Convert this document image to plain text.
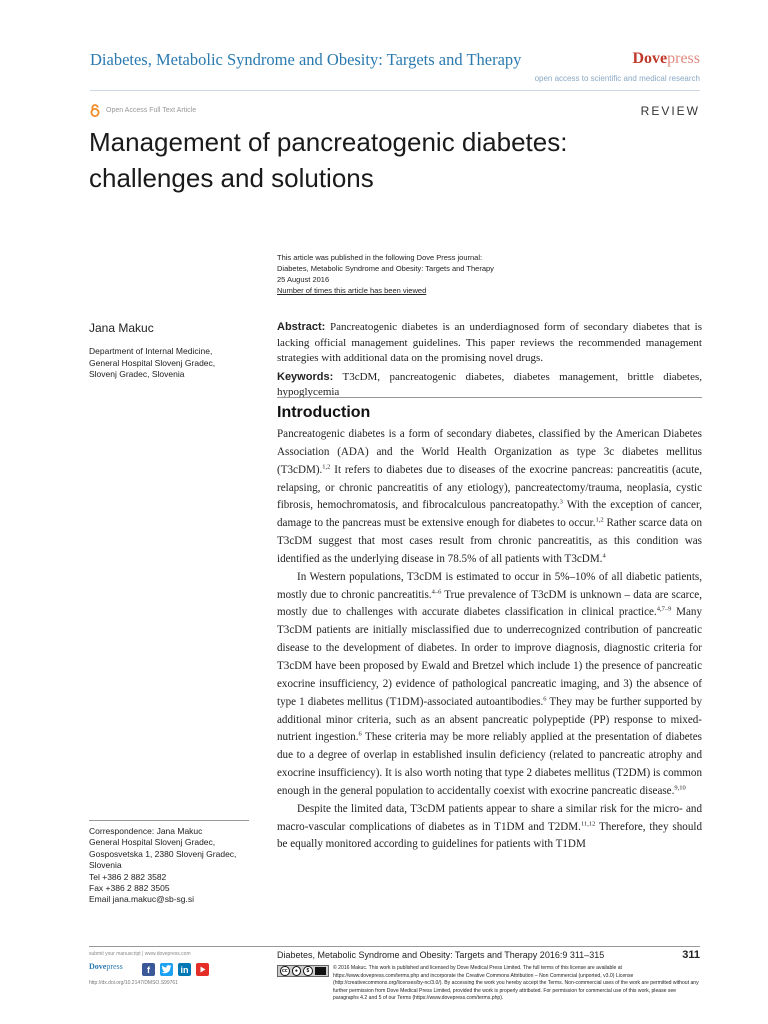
Diabetes, Metabolic Syndrome and Obesity: Targets and Therapy	Dovepress
open access to scientific and medical research
Open Access Full Text Article	REVIEW
Management of pancreatogenic diabetes:
challenges and solutions
This article was published in the following Dove Press journal:
Diabetes, Metabolic Syndrome and Obesity: Targets and Therapy
25 August 2016
Number of times this article has been viewed
Jana Makuc
Department of Internal Medicine,
General Hospital Slovenj Gradec,
Slovenj Gradec, Slovenia
Abstract: Pancreatogenic diabetes is an underdiagnosed form of secondary diabetes that is lacking official management guidelines. This paper reviews the recommended management strategies with additional data on the promising novel drugs.
Keywords: T3cDM, pancreatogenic diabetes, diabetes management, brittle diabetes, hypoglycemia
Introduction

Pancreatogenic diabetes is a form of secondary diabetes, classified by the American Diabetes Association (ADA) and the World Health Organization as type 3c diabetes mellitus (T3cDM).$^{1,2}$ It refers to diabetes due to diseases of the exocrine pancreas: pancreatitis (acute, relapsing, or chronic pancreatitis of any etiology), pancreatectomy/trauma, neoplasia, cystic fibrosis, hemochromatosis, and fibrocalculous pancreatopathy.$^3$ With the exception of cancer, damage to the pancreas must be extensive enough for diabetes to occur.$^{1,2}$ Rather scarce data on T3cDM suggest that most cases result from chronic pancreatitis, as this condition was identified as the underlying disease in 78.5% of all patients with T3cDM.$^4$

In Western populations, T3cDM is estimated to occur in 5%–10% of all diabetic patients, mostly due to chronic pancreatitis.$^{4-6}$ True prevalence of T3cDM is unknown – data are scarce, mostly due to challenges with accurate diabetes classification in clinical practice.$^{4,7-9}$ Many T3cDM patients are initially misclassified due to underrecognized contribution of pancreatic disease to the development of diabetes. In order to improve diagnosis, diagnostic criteria for T3cDM have been proposed by Ewald and Bretzel which include 1) the presence of pancreatic exocrine insufficiency, 2) evidence of pathological pancreatic imaging, and 3) the absence of type 1 diabetes mellitus (T1DM)-associated autoantibodies.$^6$ They may be further supported by additional minor criteria, such as an absent pancreatic polypeptide (PP) response to mixed-nutrient ingestion.$^6$ These criteria may be more reliably applied at the presentation of diabetes due to a degree of overlap in established insulin deficiency (related to pancreatic atrophy and exocrine insufficiency). It is also worth noting that type 2 diabetes mellitus (T2DM) is common enough in the general population to accidentally coexist with exocrine pancreatic disease.$^{9,10}$

Despite the limited data, T3cDM patients appear to share a similar risk for the micro- and macro-vascular complications of diabetes as in T1DM and T2DM.$^{11,12}$ Therefore, they should be equally monitored according to guidelines for patients with T1DM

Correspondence: Jana Makuc
General Hospital Slovenj Gradec,
Gosposvetska 1, 2380 Slovenj Gradec,
Slovenia
Tel +386 2 882 3582
Fax +386 2 882 3505
Email jana.makuc@sb-sg.si
submit your manuscript | www.dovepress.com
Dovepress	f	in
http://dx.doi.org/10.2147/DMSO.S99761
Diabetes, Metabolic Syndrome and Obesity: Targets and Therapy 2016:9 311–315	311
cc	●	$	© 2016 Makuc. This work is published and licensed by Dove Medical Press Limited. The full terms of this license are available at https://www.dovepress.com/terms.php and incorporate the Creative Commons Attribution – Non Commercial (unported, v3.0) License (http://creativecommons.org/licenses/by-nc/3.0/). By accessing the work you hereby accept the Terms. Non-commercial uses of the work are permitted without any further permission from Dove Medical Press Limited, provided the work is properly attributed. For permission for commercial use of this work, please see paragraphs 4.2 and 5 of our Terms (https://www.dovepress.com/terms.php).
